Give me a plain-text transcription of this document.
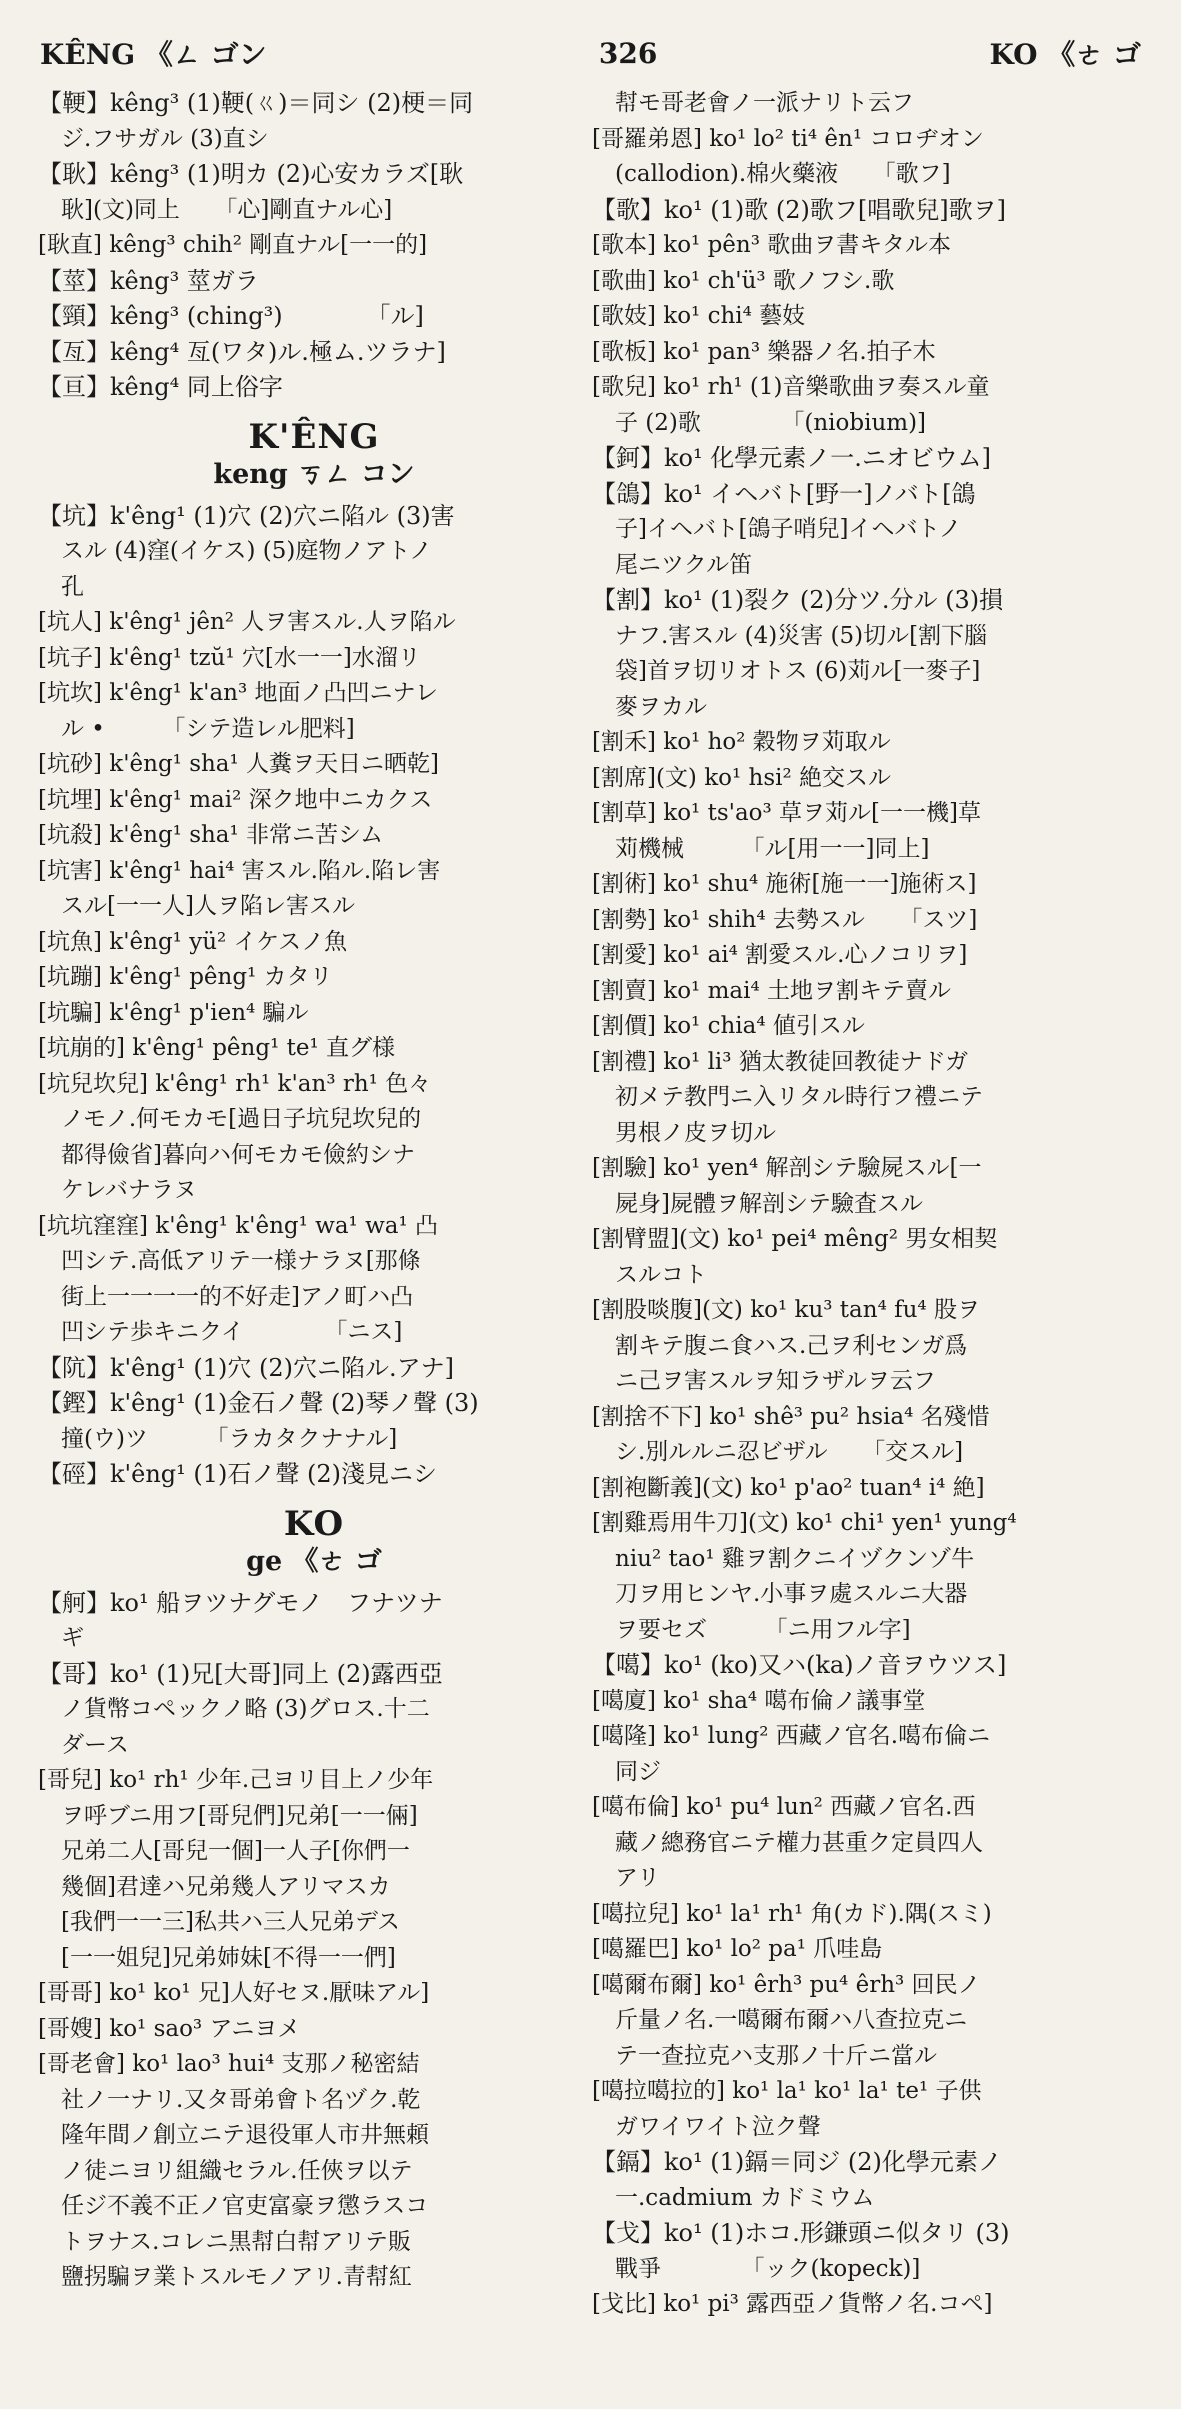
KÊNG 《ㄥ ゴン	326	KO 《ㄜ ゴ

【鞕】kêng³ (1)鞕(ㄍ)＝同シ (2)梗＝同

　ジ.フサガル (3)直シ

【耿】kêng³ (1)明カ (2)心安カラズ[耿

　耿](文)同上　　「心]剛直ナル心]

[耿直] kêng³ chih² 剛直ナル[一一的]

【莖】kêng³ 莖ガラ

【頸】kêng³ (ching³)　　　　「ル]

【亙】kêng⁴ 亙(ワタ)ル.極ム.ツラナ]

【亘】kêng⁴ 同上俗字

K'ÊNG

keng ㄎㄥ コン

【坑】k'êng¹ (1)穴 (2)穴ニ陷ル (3)害

　スル (4)窪(イケス) (5)庭物ノアトノ

　孔

[坑人] k'êng¹ jên² 人ヲ害スル.人ヲ陷ル

[坑子] k'êng¹ tzŭ¹ 穴[水一一]水溜リ

[坑坎] k'êng¹ k'an³ 地面ノ凸凹ニナレ

　ル •　　　「シテ造レル肥料]

[坑砂] k'êng¹ sha¹ 人糞ヲ天日ニ晒乾]

[坑埋] k'êng¹ mai² 深ク地中ニカクス

[坑殺] k'êng¹ sha¹ 非常ニ苦シム

[坑害] k'êng¹ hai⁴ 害スル.陷ル.陷レ害

　スル[一一人]人ヲ陷レ害スル

[坑魚] k'êng¹ yü² イケスノ魚

[坑蹦] k'êng¹ pêng¹ カタリ

[坑騙] k'êng¹ p'ien⁴ 騙ル

[坑崩的] k'êng¹ pêng¹ te¹ 直グ様

[坑兒坎兒] k'êng¹ rh¹ k'an³ rh¹ 色々

　ノモノ.何モカモ[過日子坑兒坎兒的

　都得儉省]暮向ハ何モカモ儉約シナ

　ケレバナラヌ

[坑坑窪窪] k'êng¹ k'êng¹ wa¹ wa¹ 凸

　凹シテ.高低アリテ一様ナラヌ[那條

　街上一一一一的不好走]アノ町ハ凸

　凹シテ歩キニクイ　　　　「ニス]

【阬】k'êng¹ (1)穴 (2)穴ニ陷ル.アナ]

【鏗】k'êng¹ (1)金石ノ聲 (2)琴ノ聲 (3)

　撞(ウ)ツ　　　「ラカタクナナル]

【硜】k'êng¹ (1)石ノ聲 (2)淺見ニシ

KO

ge 《ㄜ ゴ

【舸】ko¹ 船ヲツナグモノ　フナツナ

　ギ

【哥】ko¹ (1)兄[大哥]同上 (2)露西亞

　ノ貨幣コペックノ略 (3)グロス.十二

　ダース

[哥兒] ko¹ rh¹ 少年.己ヨリ目上ノ少年

　ヲ呼ブニ用フ[哥兒們]兄弟[一一倆]

　兄弟二人[哥兒一個]一人子[你們一

　幾個]君達ハ兄弟幾人アリマスカ

　[我們一一三]私共ハ三人兄弟デス

　[一一姐兒]兄弟姉妹[不得一一們]

[哥哥] ko¹ ko¹ 兄]人好セヌ.厭味アル]

[哥嫂] ko¹ sao³ アニヨメ

[哥老會] ko¹ lao³ hui⁴ 支那ノ秘密結

　社ノ一ナリ.又タ哥弟會ト名ヅク.乾

　隆年間ノ創立ニテ退役軍人市井無頼

　ノ徒ニヨリ組織セラル.任俠ヲ以テ

　任ジ不義不正ノ官吏富豪ヲ懲ラスコ

　トヲナス.コレニ黒幇白幇アリテ販

　鹽拐騙ヲ業トスルモノアリ.青幇紅

　幇モ哥老會ノ一派ナリト云フ

[哥羅弟恩] ko¹ lo² ti⁴ ên¹ コロヂオン

　(callodion).棉火藥液　　「歌フ]

【歌】ko¹ (1)歌 (2)歌フ[唱歌兒]歌ヲ]

[歌本] ko¹ pên³ 歌曲ヲ書キタル本

[歌曲] ko¹ ch'ü³ 歌ノフシ.歌

[歌妓] ko¹ chi⁴ 藝妓

[歌板] ko¹ pan³ 樂器ノ名.拍子木

[歌兒] ko¹ rh¹ (1)音樂歌曲ヲ奏スル童

　子 (2)歌　　　　「(niobium)]

【鈳】ko¹ 化學元素ノ一.ニオビウム]

【鴿】ko¹ イヘバト[野一]ノバト[鴿

　子]イヘバト[鴿子哨兒]イヘバトノ

　尾ニツクル笛

【割】ko¹ (1)裂ク (2)分ツ.分ル (3)損

　ナフ.害スル (4)災害 (5)切ル[割下腦

　袋]首ヲ切リオトス (6)苅ル[一麥子]

　麥ヲカル

[割禾] ko¹ ho² 穀物ヲ苅取ル

[割席](文) ko¹ hsi² 絶交スル

[割草] ko¹ ts'ao³ 草ヲ苅ル[一一機]草

　苅機械　　　「ル[用一一]同上]

[割術] ko¹ shu⁴ 施術[施一一]施術ス]

[割勢] ko¹ shih⁴ 去勢スル　　「スツ]

[割愛] ko¹ ai⁴ 割愛スル.心ノコリヲ]

[割賣] ko¹ mai⁴ 土地ヲ割キテ賣ル

[割價] ko¹ chia⁴ 値引スル

[割禮] ko¹ li³ 猶太教徒回教徒ナドガ

　初メテ教門ニ入リタル時行フ禮ニテ

　男根ノ皮ヲ切ル

[割驗] ko¹ yen⁴ 解剖シテ驗屍スル[一

　屍身]屍體ヲ解剖シテ驗査スル

[割臂盟](文) ko¹ pei⁴ mêng² 男女相契

　スルコト

[割股啖腹](文) ko¹ ku³ tan⁴ fu⁴ 股ヲ

　割キテ腹ニ食ハス.己ヲ利センガ爲

　ニ己ヲ害スルヲ知ラザルヲ云フ

[割捨不下] ko¹ shê³ pu² hsia⁴ 名殘惜

　シ.別ルルニ忍ビザル　　「交スル]

[割袍斷義](文) ko¹ p'ao² tuan⁴ i⁴ 絶]

[割雞焉用牛刀](文) ko¹ chi¹ yen¹ yung⁴

　niu² tao¹ 雞ヲ割クニイヅクンゾ牛

　刀ヲ用ヒンヤ.小事ヲ處スルニ大器

　ヲ要セズ　　　「ニ用フル字]

【噶】ko¹ (ko)又ハ(ka)ノ音ヲウツス]

[噶廈] ko¹ sha⁴ 噶布倫ノ議事堂

[噶隆] ko¹ lung² 西藏ノ官名.噶布倫ニ

　同ジ

[噶布倫] ko¹ pu⁴ lun² 西藏ノ官名.西

　藏ノ總務官ニテ權力甚重ク定員四人

　アリ

[噶拉兒] ko¹ la¹ rh¹ 角(カド).隅(スミ)

[噶羅巴] ko¹ lo² pa¹ 爪哇島

[噶爾布爾] ko¹ êrh³ pu⁴ êrh³ 回民ノ

　斤量ノ名.一噶爾布爾ハ八查拉克ニ

　テ一查拉克ハ支那ノ十斤ニ當ル

[噶拉噶拉的] ko¹ la¹ ko¹ la¹ te¹ 子供

　ガワイワイト泣ク聲

【鎘】ko¹ (1)鎘＝同ジ (2)化學元素ノ

　一.cadmium カドミウム

【戈】ko¹ (1)ホコ.形鎌頭ニ似タリ (3)

　戰爭　　　　「ック(kopeck)]

[戈比] ko¹ pi³ 露西亞ノ貨幣ノ名.コペ]
